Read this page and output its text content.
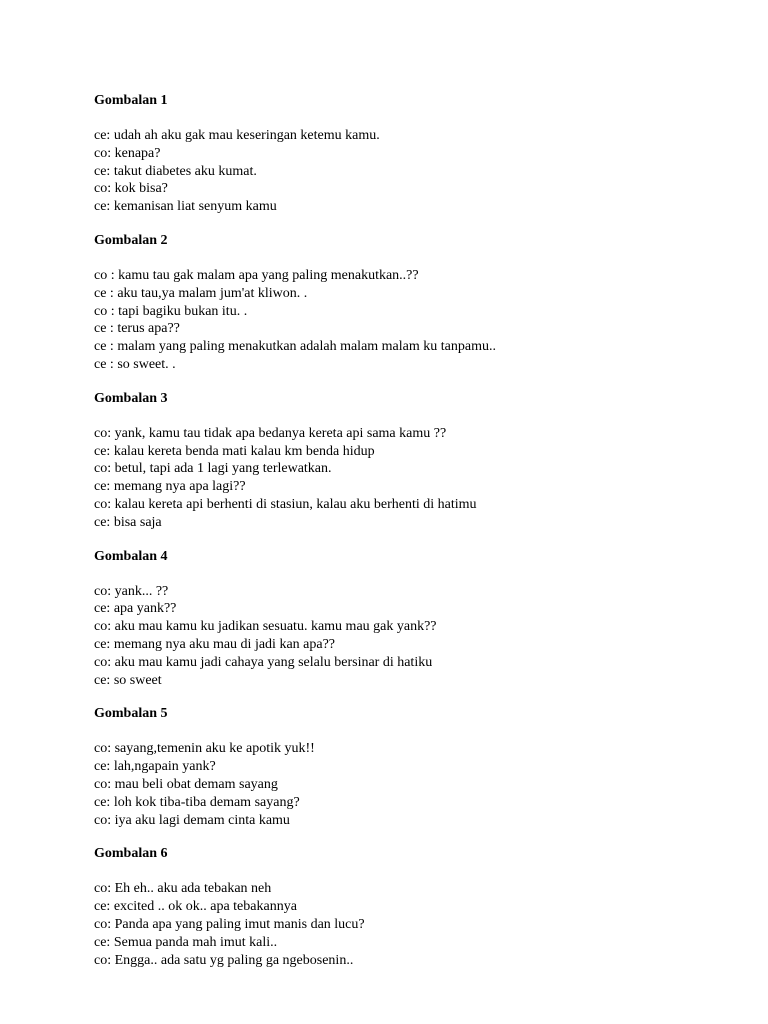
Gombalan 1
ce: udah ah aku gak mau keseringan ketemu kamu.
co: kenapa?
ce: takut diabetes aku kumat.
co: kok bisa?
ce: kemanisan liat senyum kamu
Gombalan 2
co : kamu tau gak malam apa yang paling menakutkan..??
ce : aku tau,ya malam jum'at kliwon. .
co : tapi bagiku bukan itu. .
ce : terus apa??
ce : malam yang paling menakutkan adalah malam malam ku tanpamu..
ce : so sweet. .
Gombalan 3
co: yank, kamu tau tidak apa bedanya kereta api sama kamu ??
ce: kalau kereta benda mati kalau km benda hidup
co: betul, tapi ada 1 lagi yang terlewatkan.
ce: memang nya apa lagi??
co: kalau kereta api berhenti di stasiun, kalau aku berhenti di hatimu
ce: bisa saja
Gombalan 4
co: yank... ??
ce: apa yank??
co: aku mau kamu ku jadikan sesuatu. kamu mau gak yank??
ce: memang nya aku mau di jadi kan apa??
co: aku mau kamu jadi cahaya yang selalu bersinar di hatiku
ce: so sweet
Gombalan 5
co: sayang,temenin aku ke apotik yuk!!
ce: lah,ngapain yank?
co: mau beli obat demam sayang
ce: loh kok tiba-tiba demam sayang?
co: iya aku lagi demam cinta kamu
Gombalan 6
co: Eh eh.. aku ada tebakan neh
ce: excited .. ok ok.. apa tebakannya
co: Panda apa yang paling imut manis dan lucu?
ce: Semua panda mah imut kali..
co: Engga.. ada satu yg paling ga ngebosenin..
